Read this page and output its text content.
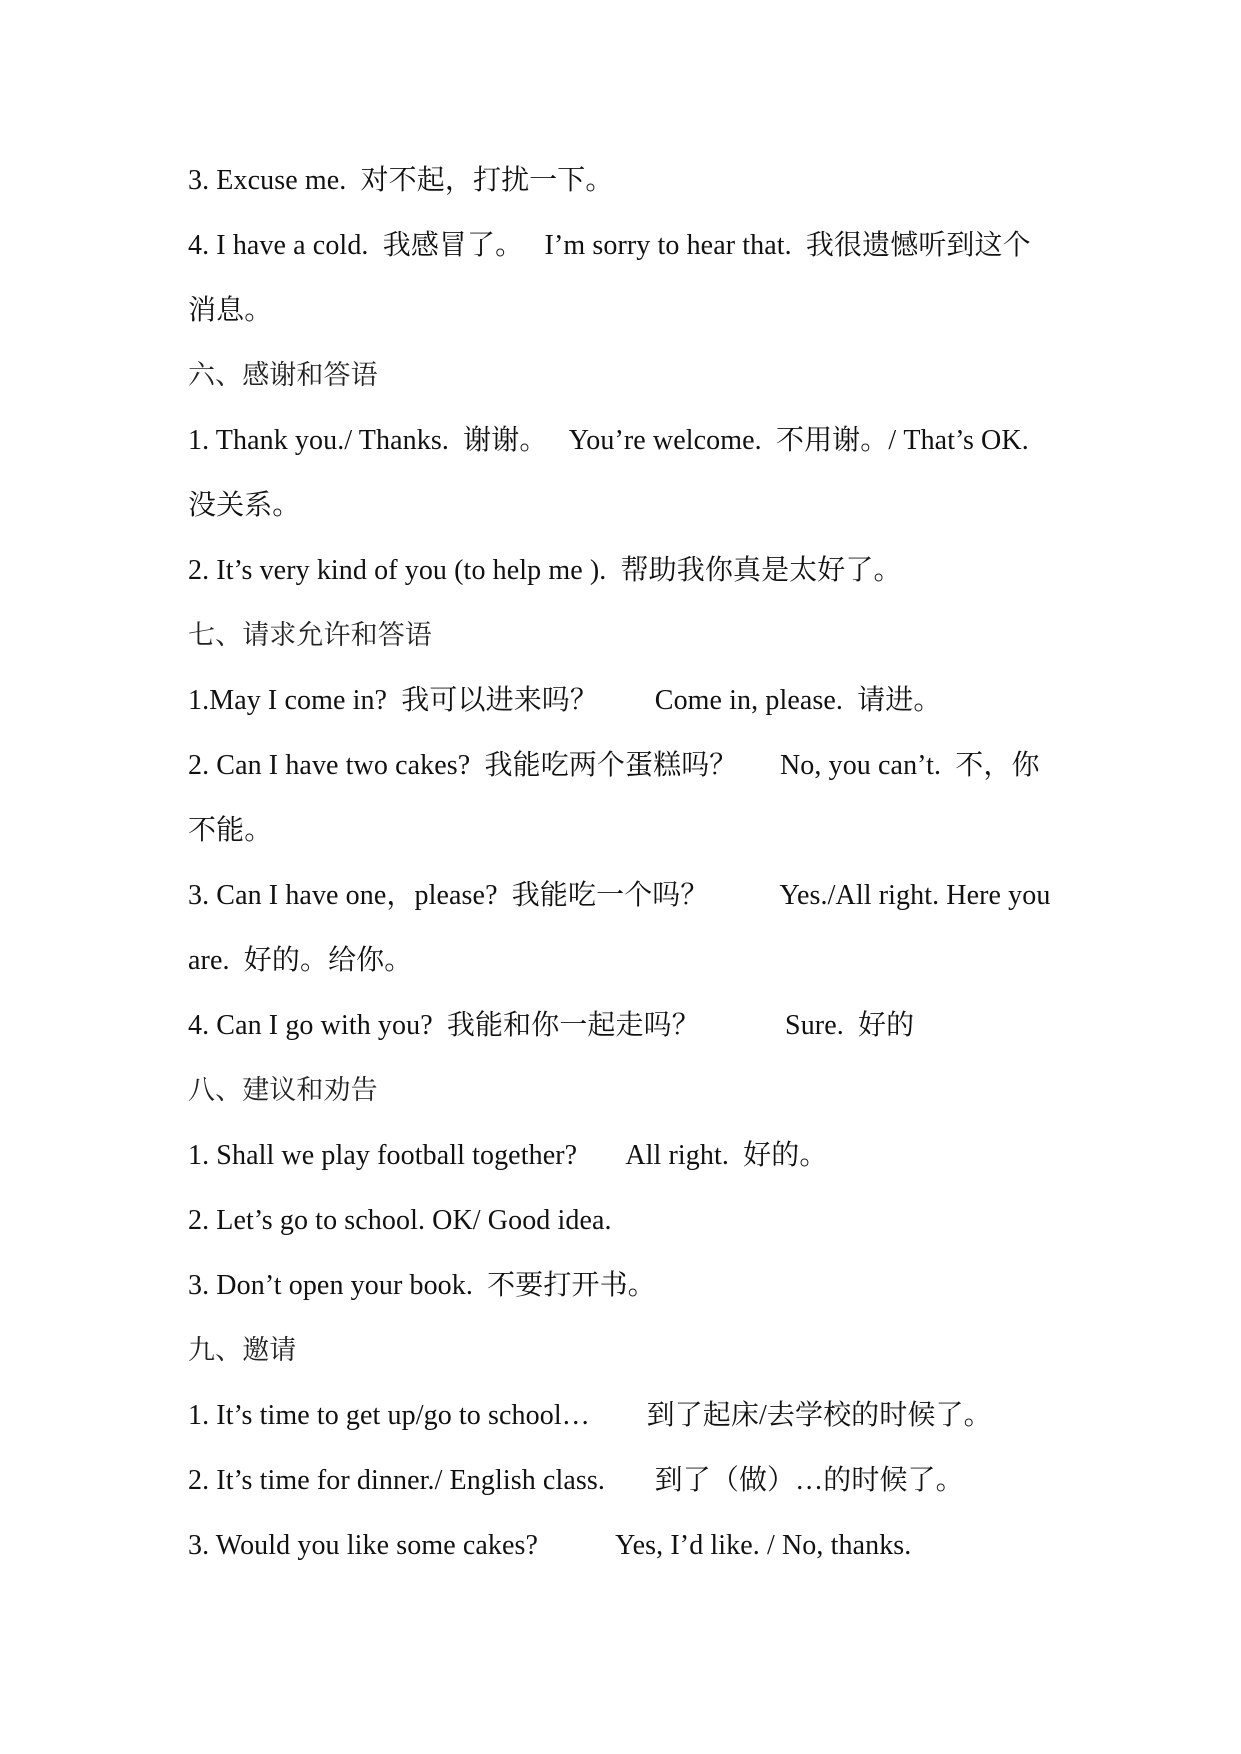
3. Excuse me.  对不起，打扰一下。
4. I have a cold.  我感冒了。   I’m sorry to hear that.  我很遗憾听到这个
消息。
六、感谢和答语
1. Thank you./ Thanks.  谢谢。   You’re welcome.  不用谢。/ That’s OK.
没关系。
2. It’s very kind of you (to help me ).  帮助我你真是太好了。
七、请求允许和答语
1.May I come in?  我可以进来吗？        Come in, please.  请进。
2. Can I have two cakes?  我能吃两个蛋糕吗？      No, you can’t.  不，你
不能。
3. Can I have one，please?  我能吃一个吗？          Yes./All right. Here you
are.  好的。给你。
4. Can I go with you?  我能和你一起走吗？            Sure.  好的
八、建议和劝告
1. Shall we play football together?       All right.  好的。
2. Let’s go to school. OK/ Good idea.
3. Don’t open your book.  不要打开书。
九、邀请
1. It’s time to get up/go to school…        到了起床/去学校的时候了。
2. It’s time for dinner./ English class.       到了（做）…的时候了。
3. Would you like some cakes?           Yes, I’d like. / No, thanks.
